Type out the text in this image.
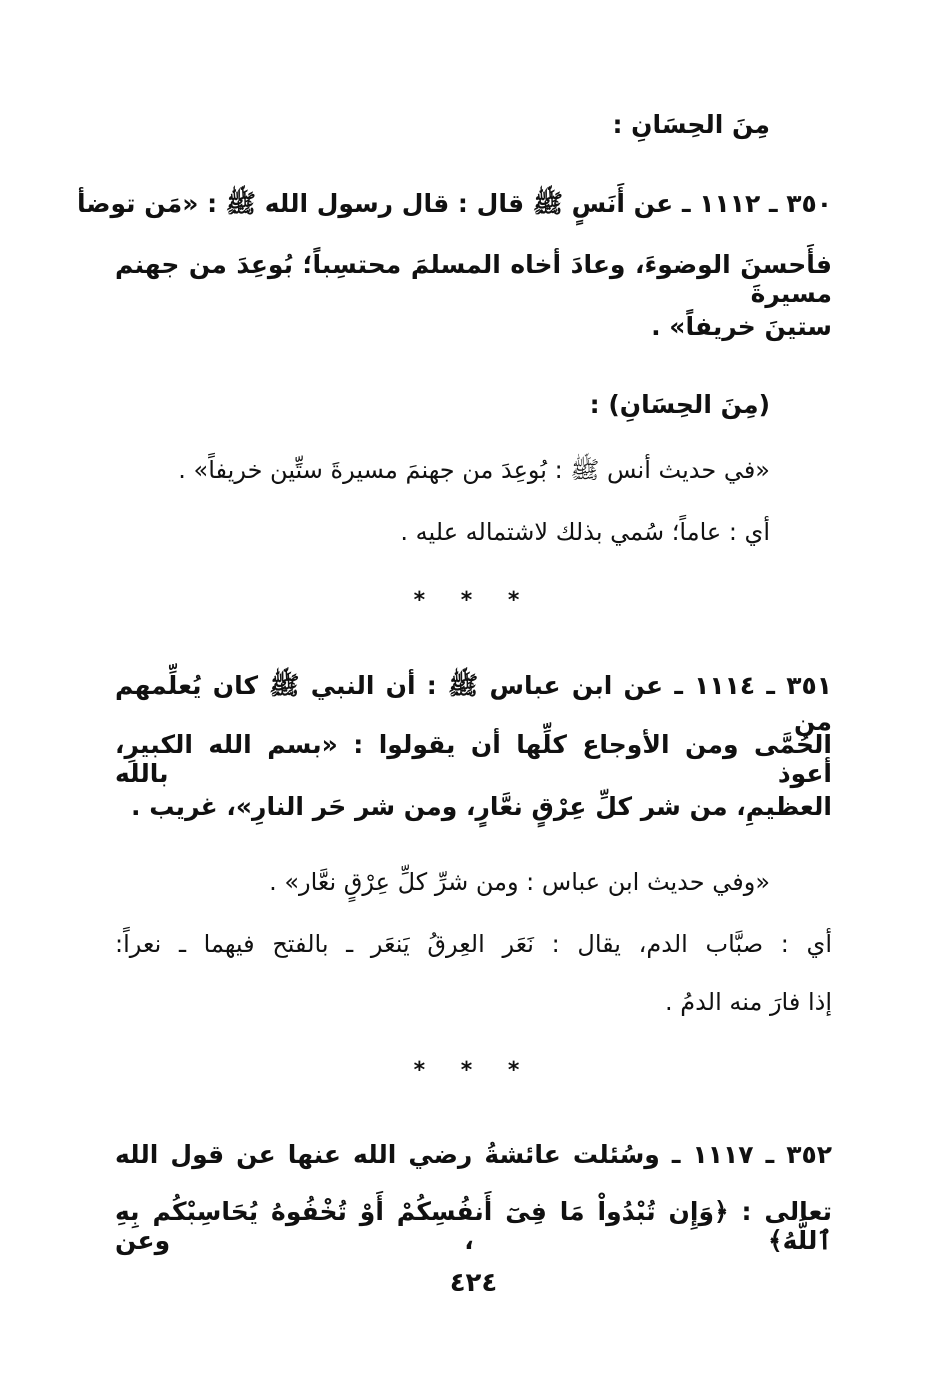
مِنَ الحِسَانِ :

٣٥٠ ـ ١١١٢ ـ عن أَنَسٍ ﷺ قال : قال رسول الله ﷺ : «مَن توضأ

فأَحسنَ الوضوءَ، وعادَ أخاه المسلمَ محتسِباً؛ بُوعِدَ من جهنم مسيرةَ

ستينَ خريفاً» .

(مِنَ الحِسَانِ) :

«في حديث أنس ﷺ : بُوعِدَ من جهنمَ مسيرةَ ستِّين خريفاً» .

أي : عاماً؛ سُمي بذلك لاشتماله عليه .

* * *

٣٥١ ـ ١١١٤ ـ عن ابن عباس ﷺ : أن النبي ﷺ كان يُعلِّمهم من

الحُمَّى ومن الأوجاع كلِّها أن يقولوا : «بسم الله الكبيرِ، أعوذ بالله

العظيمِ، من شر كلِّ عِرْقٍ نعَّارٍ، ومن شر حَر النارِ»، غريب .

«وفي حديث ابن عباس : ومن شرِّ كلِّ عِرْقٍ نعَّار» .

أي : صبَّاب الدم، يقال : نَعَر العِرقُ يَنعَر ـ بالفتح فيهما ـ نعراً:

إذا فارَ منه الدمُ .

* * *

٣٥٢ ـ ١١١٧ ـ وسُئلت عائشةُ رضي الله عنها عن قول الله

تعالى : ﴿وَإِن تُبْدُواْ مَا فِىٓ أَنفُسِكُمْ أَوْ تُخْفُوهُ يُحَاسِبْكُم بِهِ ٱللَّهُ﴾ ، وعن

٤٢٤
